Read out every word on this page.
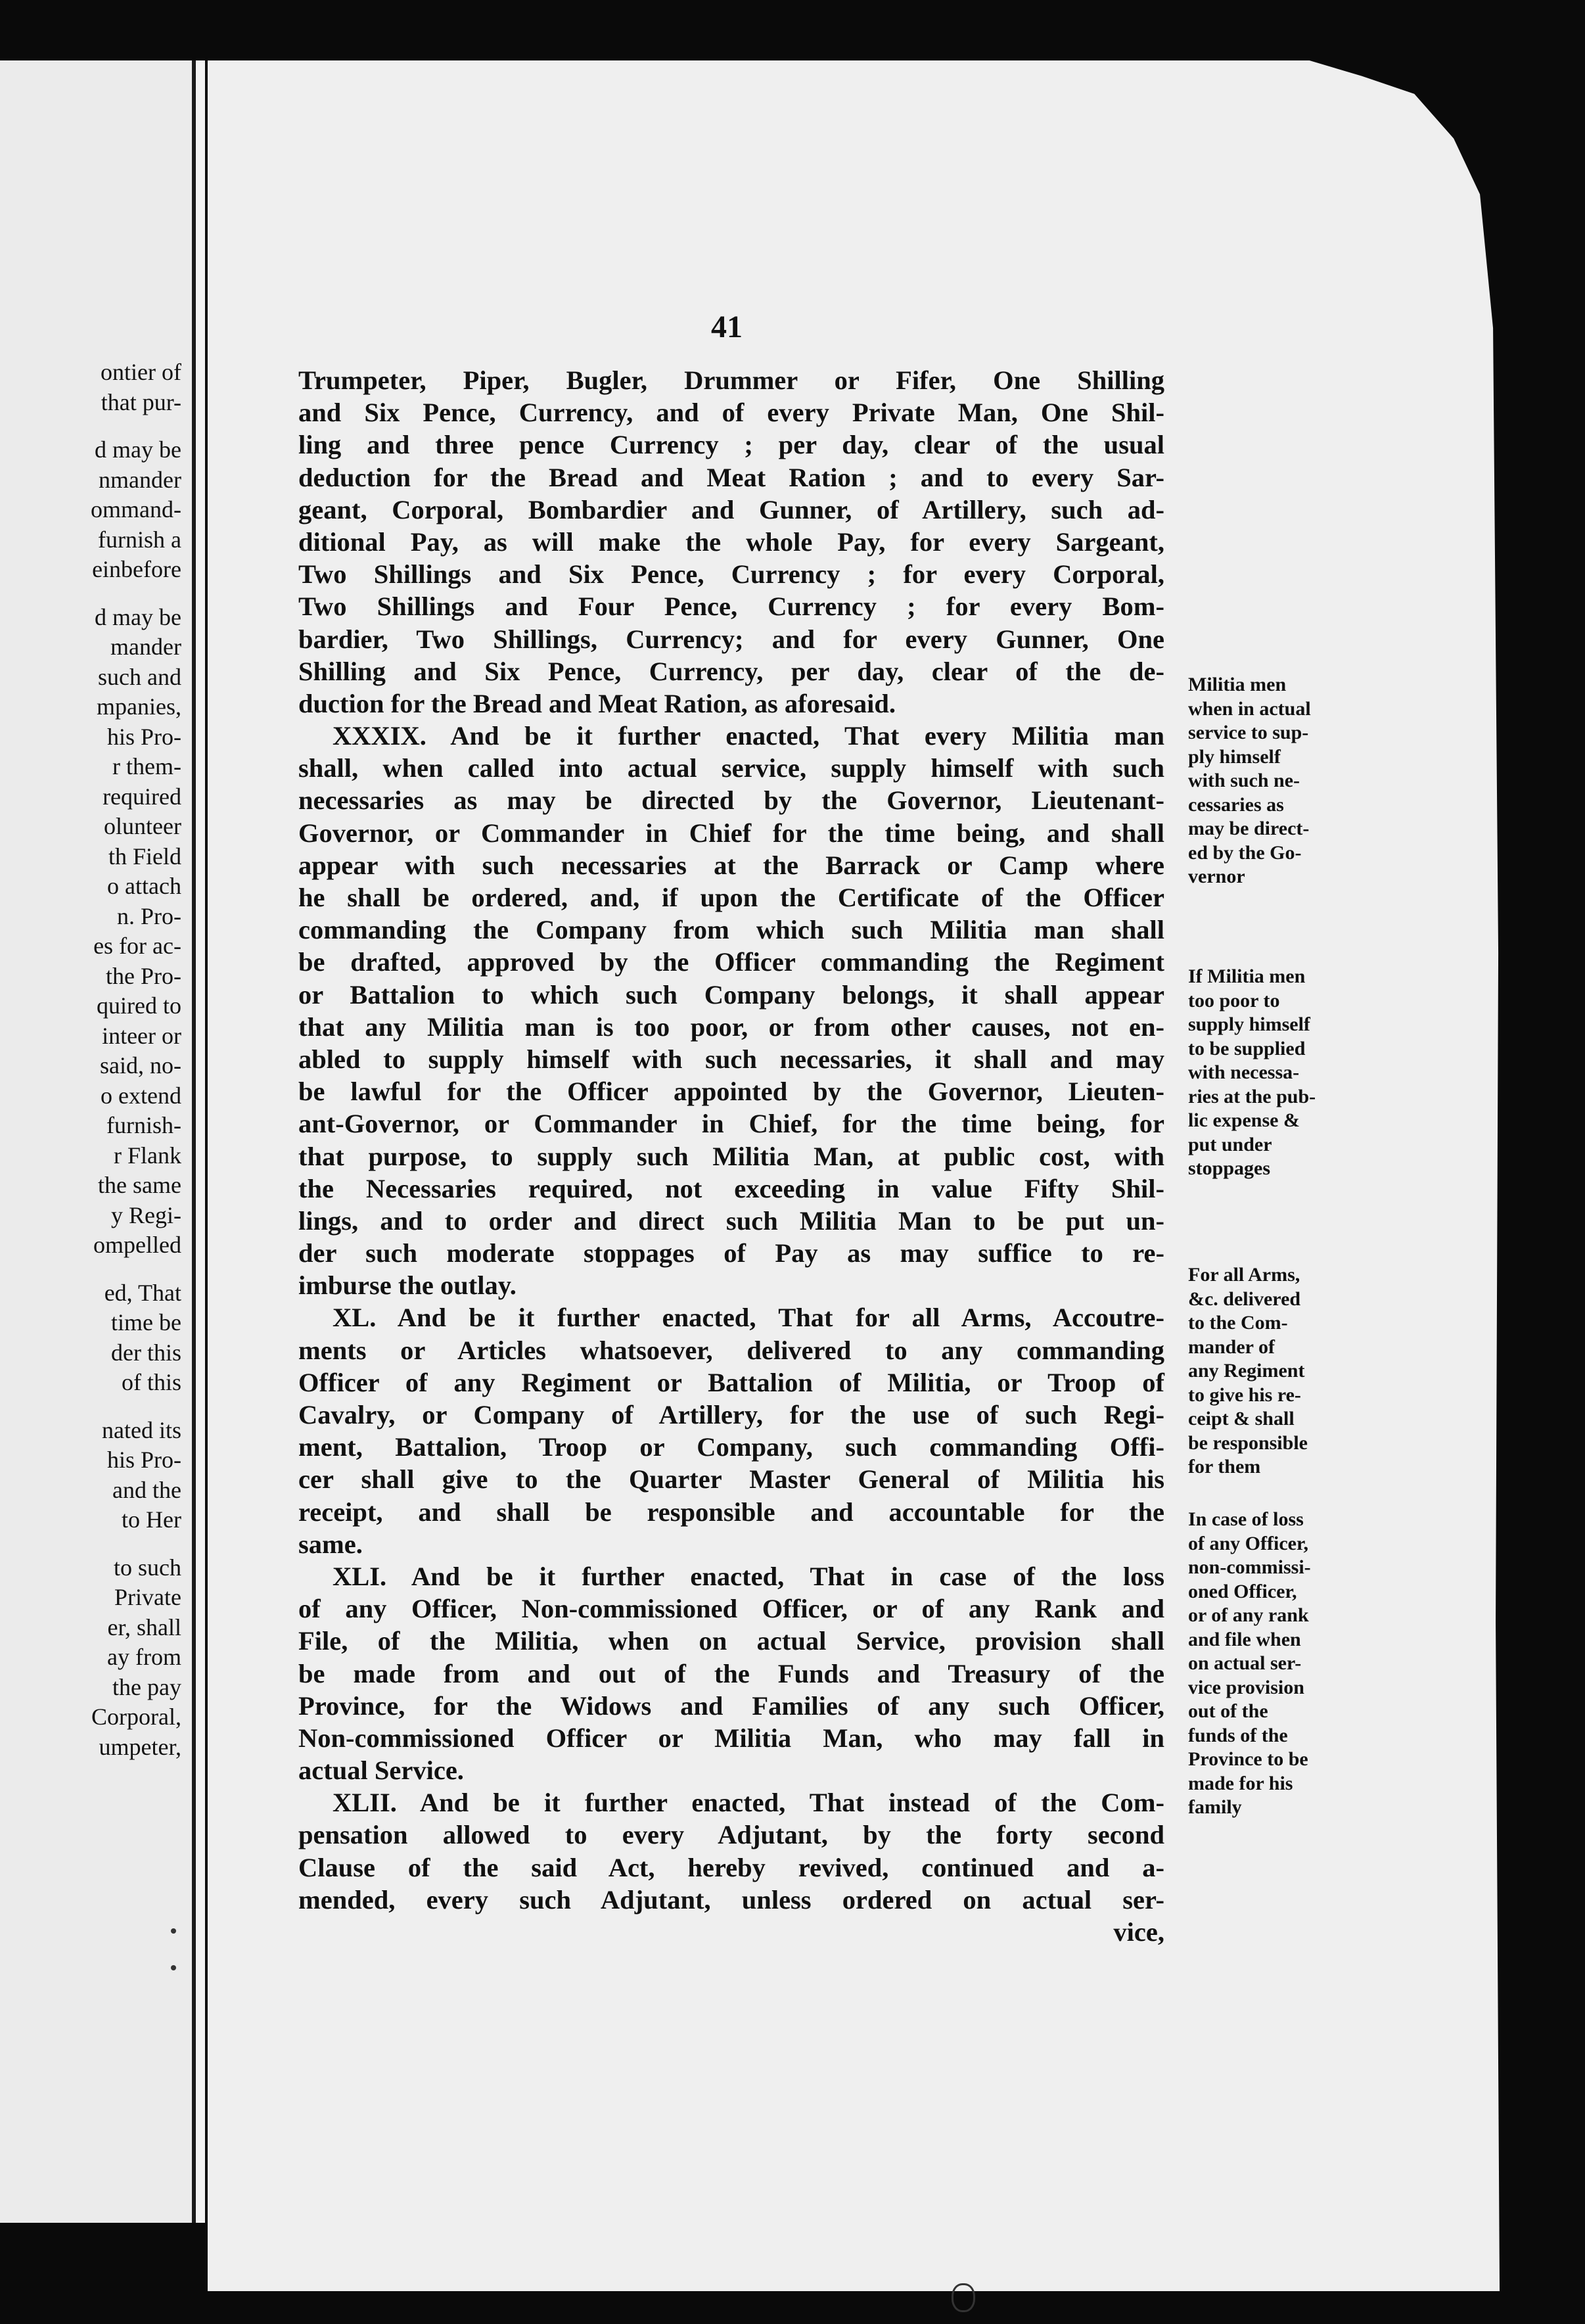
ontier of
that pur-
d may be
nmander
ommand-
furnish a
einbefore
d may be
mander
such and
mpanies,
his Pro-
r them-
required
olunteer
th Field
o attach
n. Pro-
es for ac-
the Pro-
quired to
inteer or
said, no-
o extend
furnish-
r Flank
the same
y Regi-
ompelled
ed, That
time be
der this
of this
nated its
his Pro-
and the
to Her
to such
Private
er, shall
ay from
the pay
Corporal,
umpeter,
41
Trumpeter, Piper, Bugler, Drummer or Fifer, One Shilling
and Six Pence, Currency, and of every Private Man, One Shil-
ling and three pence Currency ; per day, clear of the usual
deduction for the Bread and Meat Ration ; and to every Sar-
geant, Corporal, Bombardier and Gunner, of Artillery, such ad-
ditional Pay, as will make the whole Pay, for every Sargeant,
Two Shillings and Six Pence, Currency ; for every Corporal,
Two Shillings and Four Pence, Currency ; for every Bom-
bardier, Two Shillings, Currency; and for every Gunner, One
Shilling and Six Pence, Currency, per day, clear of the de-
duction for the Bread and Meat Ration, as aforesaid.
XXXIX. And be it further enacted, That every Militia man
shall, when called into actual service, supply himself with such
necessaries as may be directed by the Governor, Lieutenant-
Governor, or Commander in Chief for the time being, and shall
appear with such necessaries at the Barrack or Camp where
he shall be ordered, and, if upon the Certificate of the Officer
commanding the Company from which such Militia man shall
be drafted, approved by the Officer commanding the Regiment
or Battalion to which such Company belongs, it shall appear
that any Militia man is too poor, or from other causes, not en-
abled to supply himself with such necessaries, it shall and may
be lawful for the Officer appointed by the Governor, Lieuten-
ant-Governor, or Commander in Chief, for the time being, for
that purpose, to supply such Militia Man, at public cost, with
the Necessaries required, not exceeding in value Fifty Shil-
lings, and to order and direct such Militia Man to be put un-
der such moderate stoppages of Pay as may suffice to re-
imburse the outlay.
XL. And be it further enacted, That for all Arms, Accoutre-
ments or Articles whatsoever, delivered to any commanding
Officer of any Regiment or Battalion of Militia, or Troop of
Cavalry, or Company of Artillery, for the use of such Regi-
ment, Battalion, Troop or Company, such commanding Offi-
cer shall give to the Quarter Master General of Militia his
receipt, and shall be responsible and accountable for the
same.
XLI. And be it further enacted, That in case of the loss
of any Officer, Non-commissioned Officer, or of any Rank and
File, of the Militia, when on actual Service, provision shall
be made from and out of the Funds and Treasury of the
Province, for the Widows and Families of any such Officer,
Non-commissioned Officer or Militia Man, who may fall in
actual Service.
XLII. And be it further enacted, That instead of the Com-
pensation allowed to every Adjutant, by the forty second
Clause of the said Act, hereby revived, continued and a-
mended, every such Adjutant, unless ordered on actual ser-
vice,
Militia men
when in actual
service to sup-
ply himself
with such ne-
cessaries as
may be direct-
ed by the Go-
vernor
If Militia men
too poor to
supply himself
to be supplied
with necessa-
ries at the pub-
lic expense &
put under
stoppages
For all Arms,
&c. delivered
to the Com-
mander of
any Regiment
to give his re-
ceipt & shall
be responsible
for them
In case of loss
of any Officer,
non-commissi-
oned Officer,
or of any rank
and file when
on actual ser-
vice provision
out of the
funds of the
Province to be
made for his
family
